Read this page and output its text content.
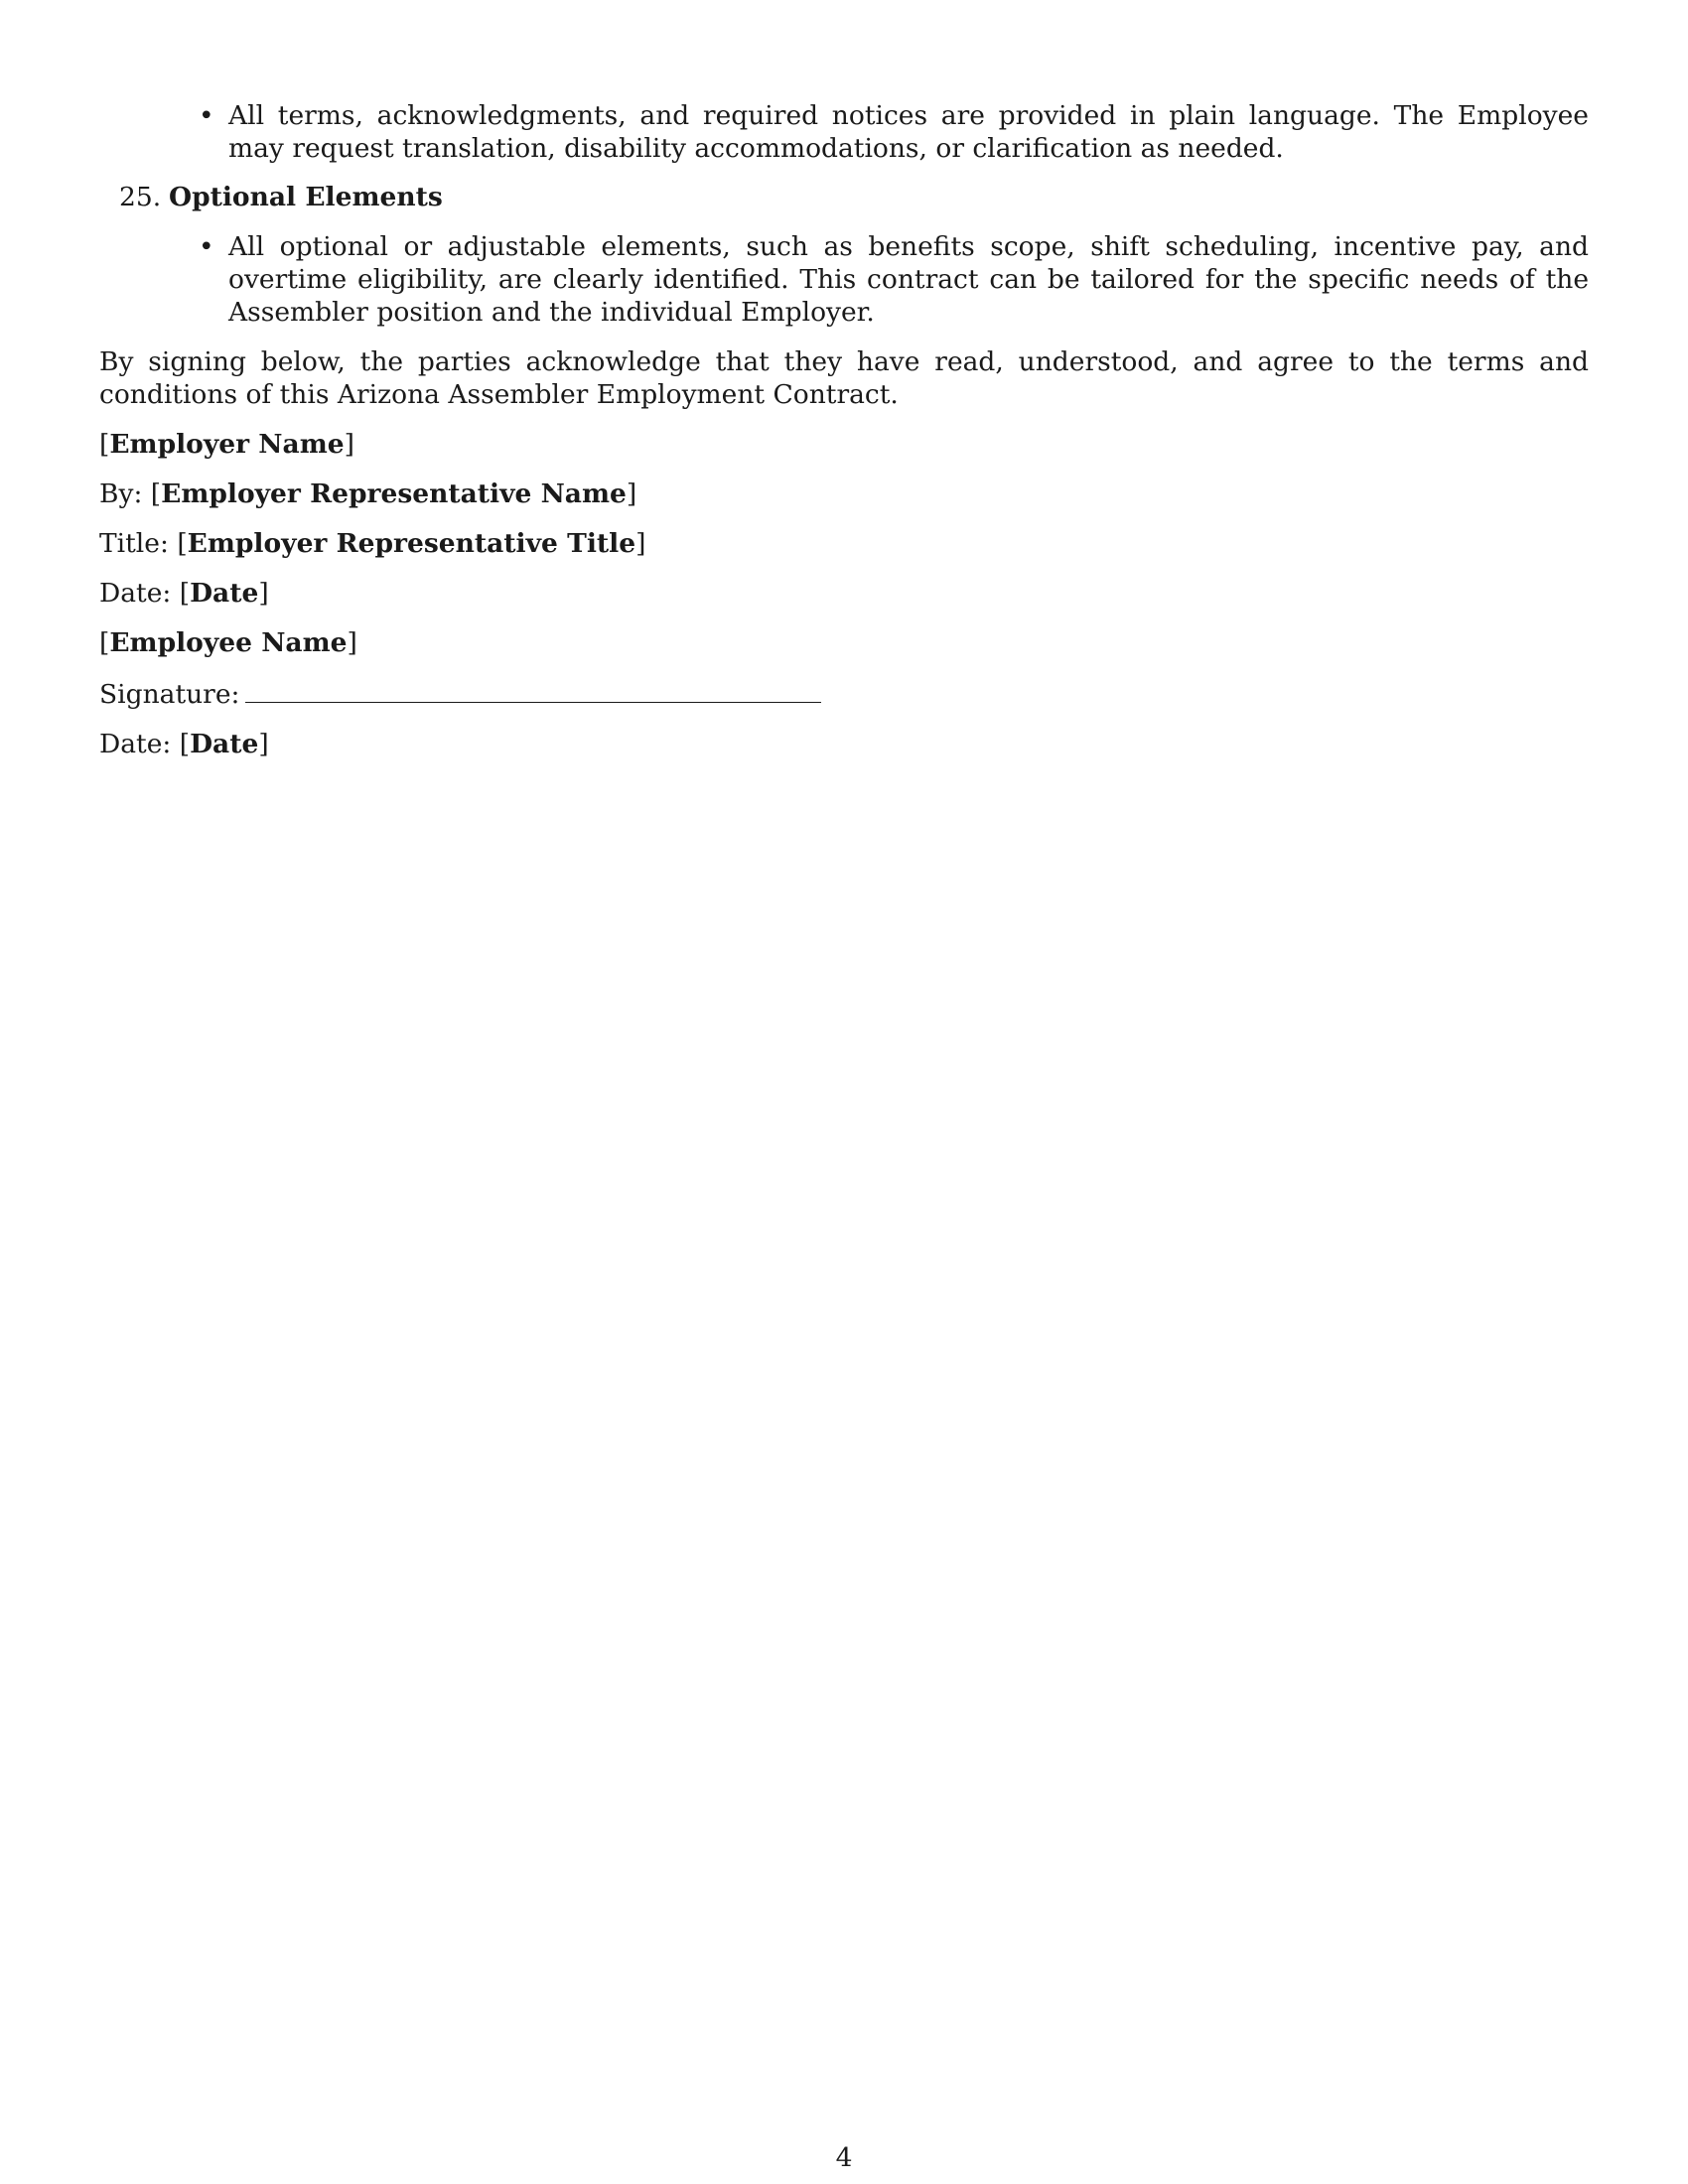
• All terms, acknowledgments, and required notices are provided in plain language. The Employee may request translation, disability accommodations, or clarification as needed.
25. Optional Elements
• All optional or adjustable elements, such as benefits scope, shift scheduling, incentive pay, and overtime eligibility, are clearly identified. This contract can be tailored for the specific needs of the Assembler position and the individual Employer.
By signing below, the parties acknowledge that they have read, understood, and agree to the terms and conditions of this Arizona Assembler Employment Contract.
[Employer Name]
By: [Employer Representative Name]
Title: [Employer Representative Title]
Date: [Date]
[Employee Name]
Signature:
Date: [Date]
4
